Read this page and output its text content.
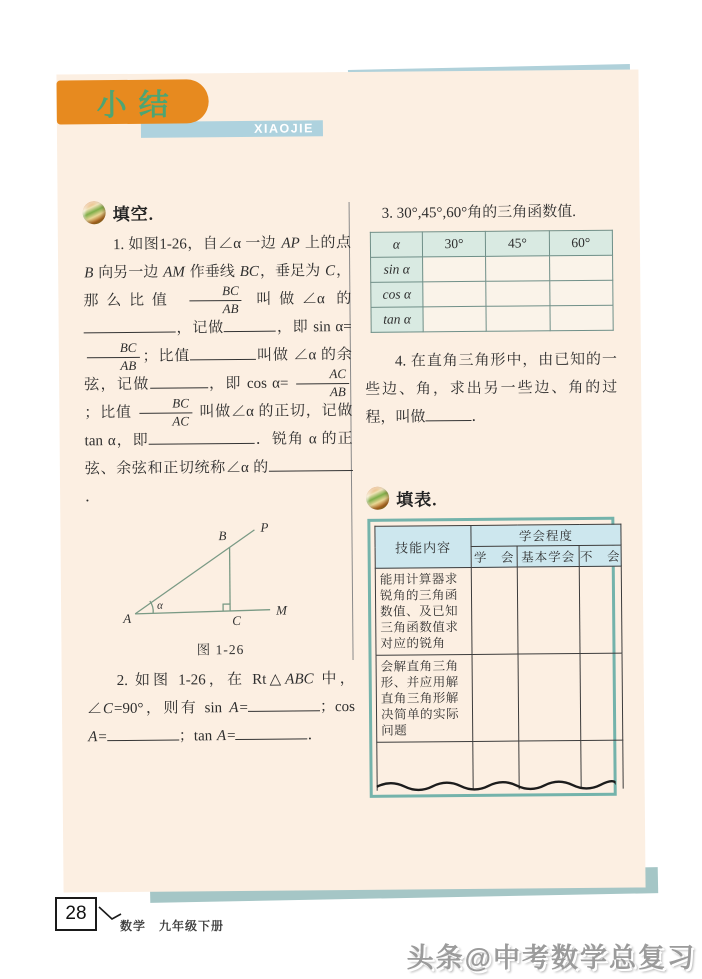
小结
XIAOJIE
填空.

1. 如图1-26，自∠α 一边 AP 上的点 B 向另一边 AM 作垂线 BC，垂足为 C，那么比值 $\frac{BC}{AB}$ 叫做∠α 的，记做	，即 sin α=
$\frac{BC}{AB}$ ；比值	叫做 ∠α 的余弦，记做	，即 $\cos \alpha= \frac{AC}{AB}$
；比值 $\frac{BC}{AC}$ 叫做∠α 的正切，记做 tan α，即	．锐角 α 的正弦、余弦和正切统称∠α 的．

A
B
C
M
P
α
图 1-26

2. 如图 1-26，在 Rt△ABC 中，∠C=90°，则有 sin A=	；cos A=	；tan A=	．

3. 30°,45°,60°角的三角函数值.
α	30°	45°	60°
sin α			
cos α			
tan α			

4. 在直角三角形中，由已知的一些边、角，求出另一些边、角的过程，叫做	．

填表.
技能内容	学会程度		
	学　会	基本学会	不　会
能用计算器求锐角的三角函数值、及已知三角函数值求对应的锐角			
会解直角三角形、并应用解直角三角形解决简单的实际问题			

28
数学　九年级下册
头条@中考数学总复习
